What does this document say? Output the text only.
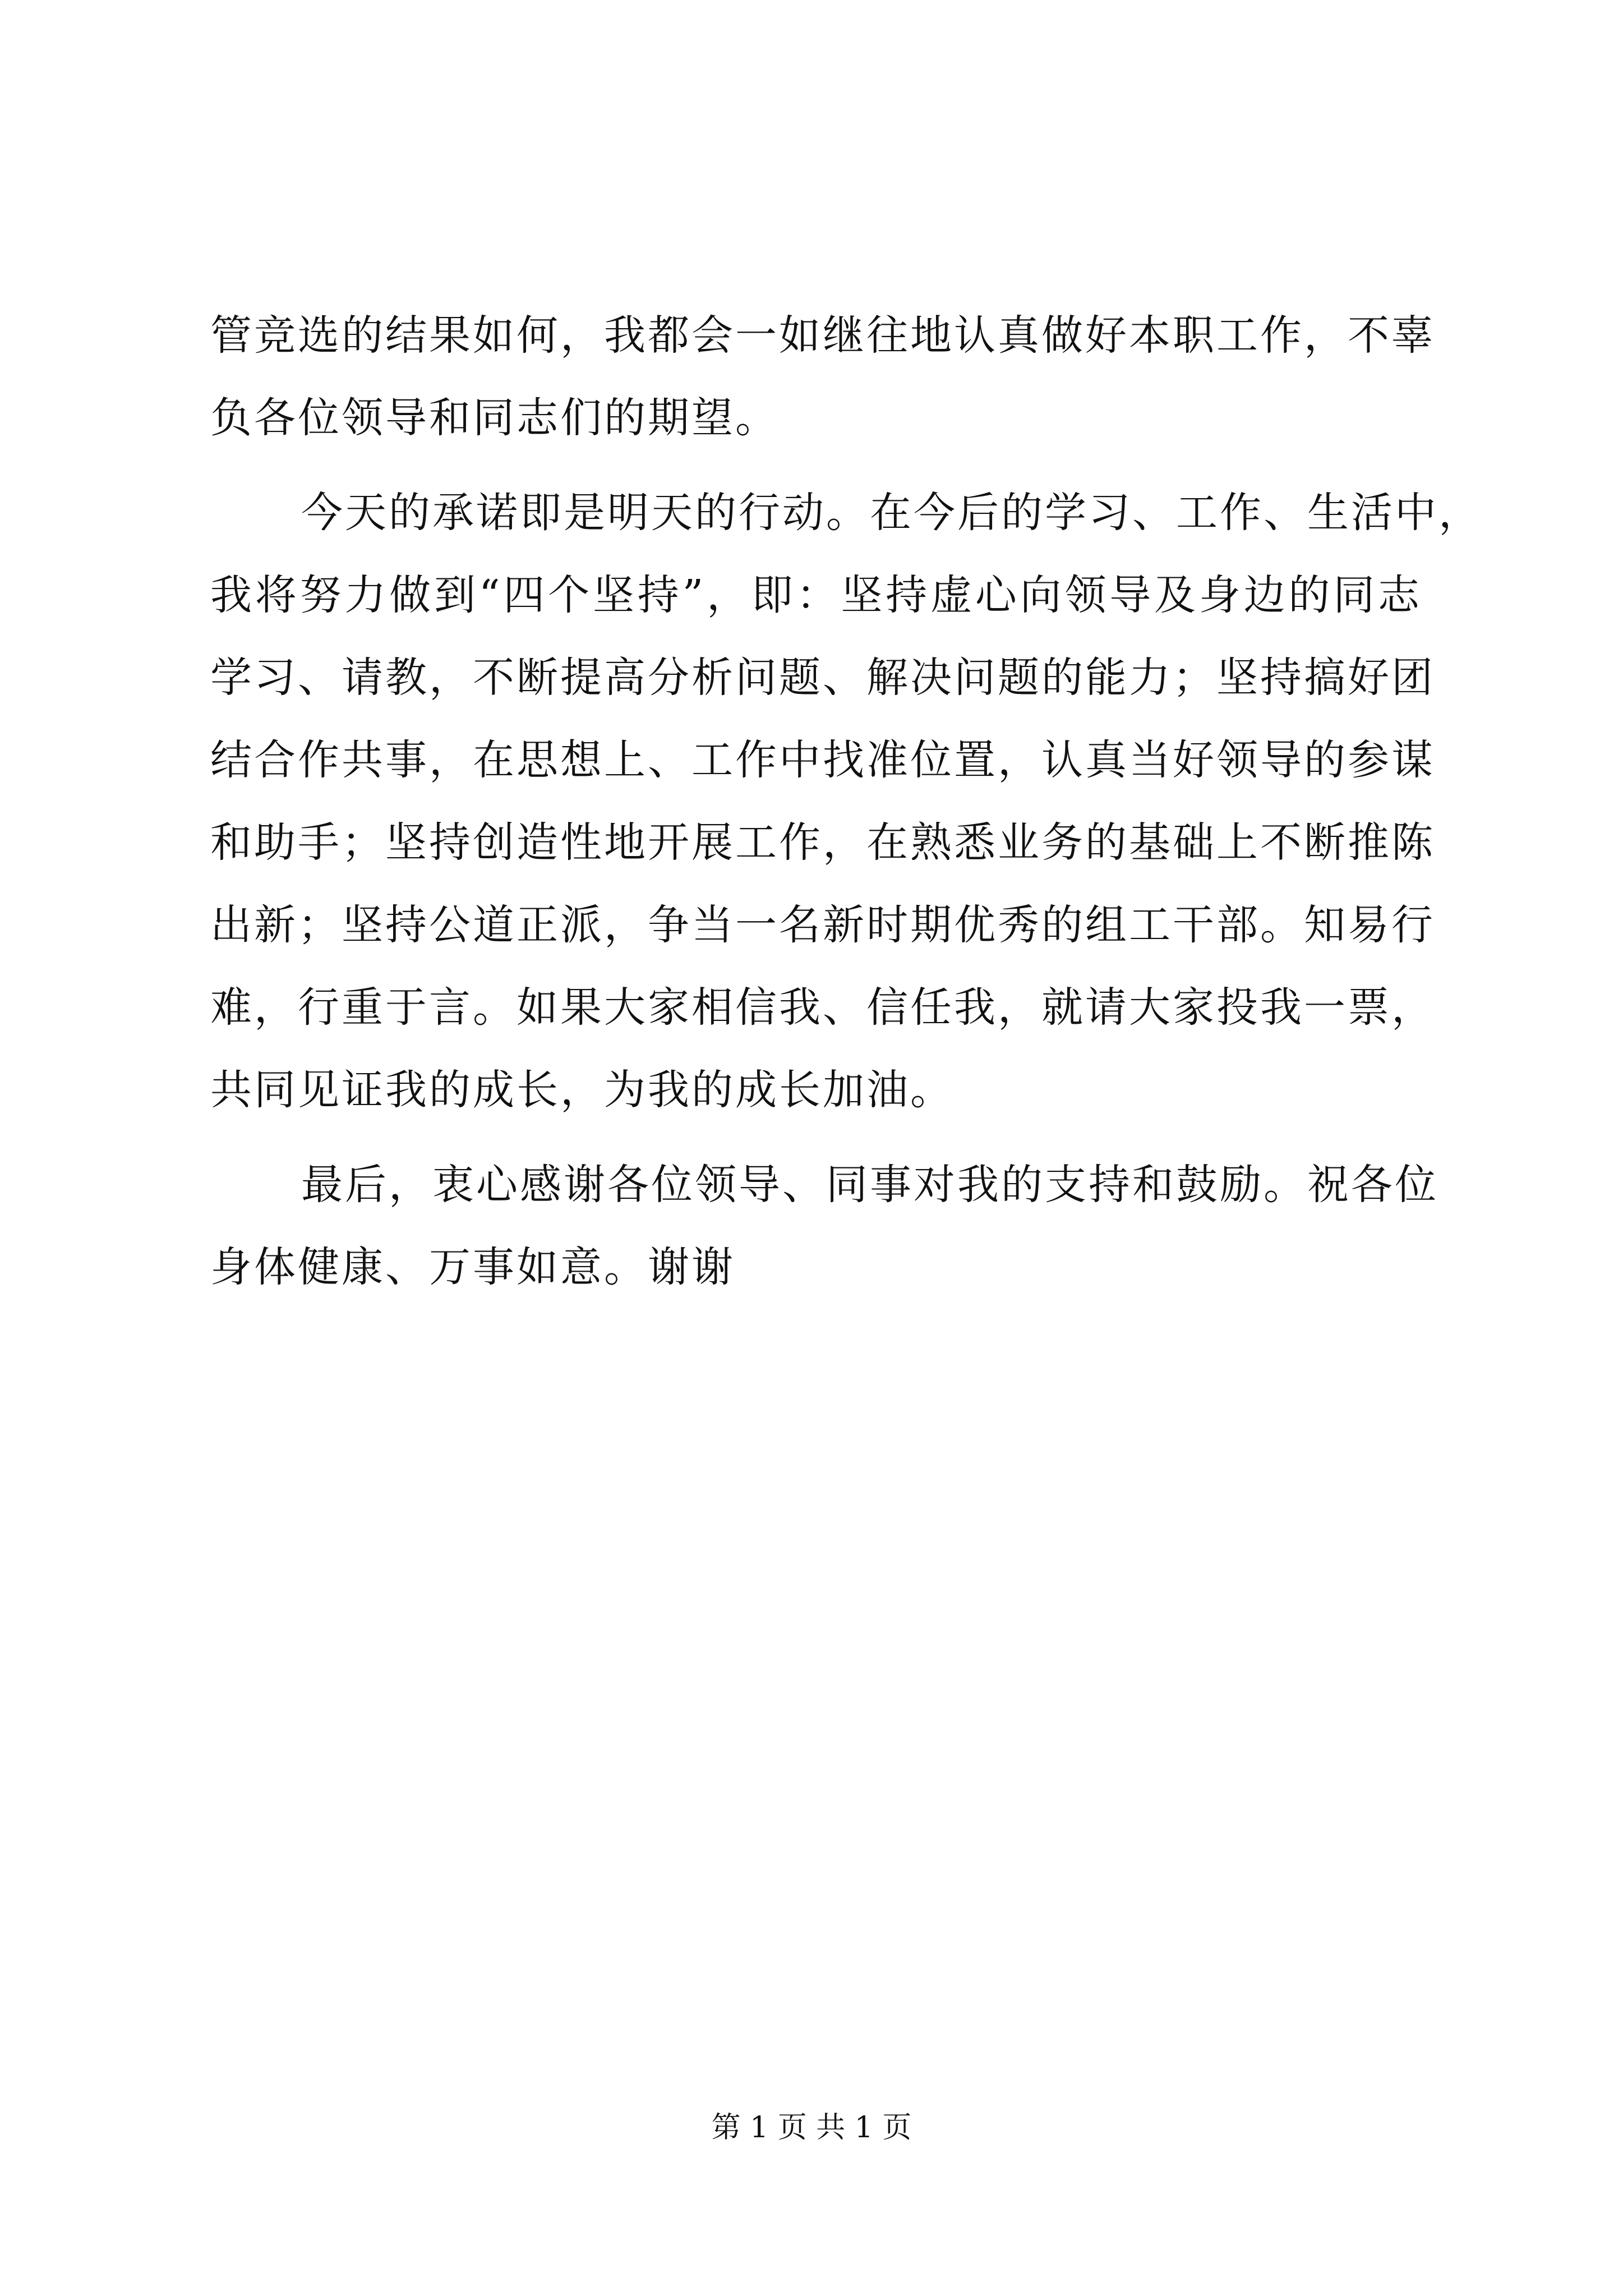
管竞选的结果如何，我都会一如继往地认真做好本职工作，不辜
负各位领导和同志们的期望。
今天的承诺即是明天的行动。在今后的学习、工作、生活中，
我将努力做到“四个坚持”，即：坚持虚心向领导及身边的同志
学习、请教，不断提高分析问题、解决问题的能力；坚持搞好团
结合作共事，在思想上、工作中找准位置，认真当好领导的参谋
和助手；坚持创造性地开展工作，在熟悉业务的基础上不断推陈
出新；坚持公道正派，争当一名新时期优秀的组工干部。知易行
难，行重于言。如果大家相信我、信任我，就请大家投我一票，
共同见证我的成长，为我的成长加油。
最后，衷心感谢各位领导、同事对我的支持和鼓励。祝各位
身体健康、万事如意。谢谢
第 1 页 共 1 页
